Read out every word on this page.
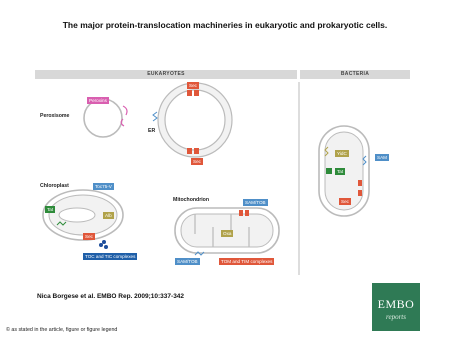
The major protein-translocation machineries in eukaryotic and prokaryotic cells.
EUKARYOTES	BACTERIA
Peroxisome
ER
Chloroplast
Mitochondrion
Peroxins
Sec
Sec
Toc75-V
Tat
Alb
Sec
TOC and TIC complexes
SAM/TOB
Oxa
SAM/TOB	TOM and TIM complexes
YidC
SAM
Tat
Sec
Nica Borgese et al. EMBO Rep. 2009;10:337-342
© as stated in the article, figure or figure legend
EMBO
reports
